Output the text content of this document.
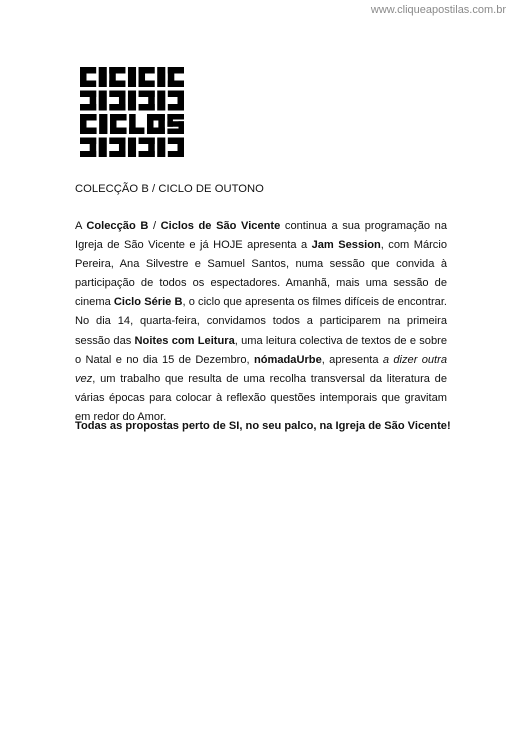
www.cliqueapostilas.com.br
COLECÇÃO B / CICLO DE OUTONO

A Colecção B / Ciclos de São Vicente continua a sua programação na Igreja de São Vicente e já HOJE apresenta a Jam Session, com Márcio Pereira, Ana Silvestre e Samuel Santos, numa sessão que convida à participação de todos os espectadores. Amanhã, mais uma sessão de cinema Ciclo Série B, o ciclo que apresenta os filmes difíceis de encontrar. No dia 14, quarta-feira, convidamos todos a participarem na primeira sessão das Noites com Leitura, uma leitura colectiva de textos de e sobre o Natal e no dia 15 de Dezembro, nómadaUrbe, apresenta a dizer outra vez, um trabalho que resulta de uma recolha transversal da literatura de várias épocas para colocar à reflexão questões intemporais que gravitam em redor do Amor.

Todas as propostas perto de SI, no seu palco, na Igreja de São Vicente!
